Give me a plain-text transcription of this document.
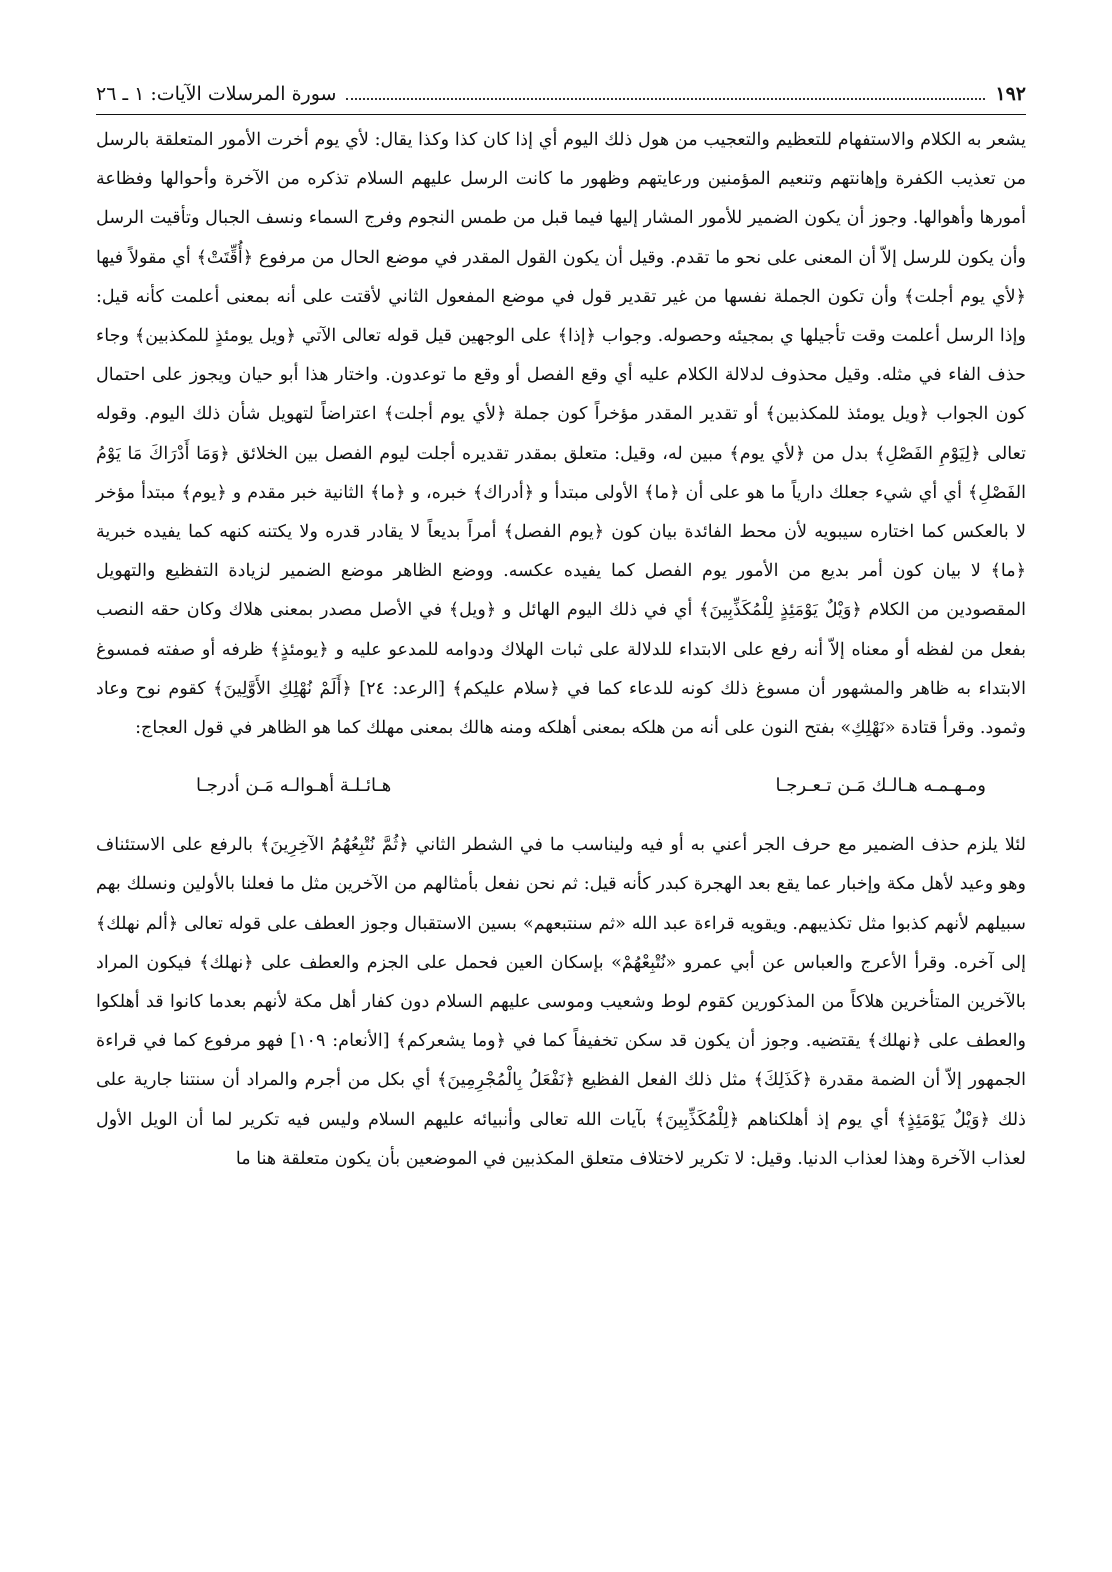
١٩٢
سورة المرسلات الآيات: ١ ـ ٢٦

يشعر به الكلام والاستفهام للتعظيم والتعجيب من هول ذلك اليوم أي إذا كان كذا وكذا يقال: لأي يوم أخرت الأمور المتعلقة بالرسل من تعذيب الكفرة وإهانتهم وتنعيم المؤمنين ورعايتهم وظهور ما كانت الرسل عليهم السلام تذكره من الآخرة وأحوالها وفظاعة أمورها وأهوالها. وجوز أن يكون الضمير للأمور المشار إليها فيما قبل من طمس النجوم وفرج السماء ونسف الجبال وتأقيت الرسل وأن يكون للرسل إلاّ أن المعنى على نحو ما تقدم. وقيل أن يكون القول المقدر في موضع الحال من مرفوع ﴿أُقِّتَتْ﴾ أي مقولاً فيها ﴿لأي يوم أجلت﴾ وأن تكون الجملة نفسها من غير تقدير قول في موضع المفعول الثاني لأقتت على أنه بمعنى أعلمت كأنه قيل: وإذا الرسل أعلمت وقت تأجيلها ي بمجيئه وحصوله. وجواب ﴿إذا﴾ على الوجهين قيل قوله تعالى الآتي ﴿ويل يومئذٍ للمكذبين﴾ وجاء حذف الفاء في مثله. وقيل محذوف لدلالة الكلام عليه أي وقع الفصل أو وقع ما توعدون. واختار هذا أبو حيان ويجوز على احتمال كون الجواب ﴿ويل يومئذ للمكذبين﴾ أو تقدير المقدر مؤخراً كون جملة ﴿لأي يوم أجلت﴾ اعتراضاً لتهويل شأن ذلك اليوم. وقوله تعالى ﴿لِيَوْمِ الفَصْلِ﴾ بدل من ﴿لأي يوم﴾ مبين له، وقيل: متعلق بمقدر تقديره أجلت ليوم الفصل بين الخلائق ﴿وَمَا أَدْرَاكَ مَا يَوْمُ الفَصْلِ﴾ أي أي شيء جعلك دارياً ما هو على أن ﴿ما﴾ الأولى مبتدأ و ﴿أدراك﴾ خبره، و ﴿ما﴾ الثانية خبر مقدم و ﴿يوم﴾ مبتدأ مؤخر لا بالعكس كما اختاره سيبويه لأن محط الفائدة بيان كون ﴿يوم الفصل﴾ أمراً بديعاً لا يقادر قدره ولا يكتنه كنهه كما يفيده خبرية ﴿ما﴾ لا بيان كون أمر بديع من الأمور يوم الفصل كما يفيده عكسه. ووضع الظاهر موضع الضمير لزيادة التفظيع والتهويل المقصودين من الكلام ﴿وَيْلٌ يَوْمَئِذٍ لِلْمُكَذِّبِينَ﴾ أي في ذلك اليوم الهائل و ﴿ويل﴾ في الأصل مصدر بمعنى هلاك وكان حقه النصب بفعل من لفظه أو معناه إلاّ أنه رفع على الابتداء للدلالة على ثبات الهلاك ودوامه للمدعو عليه و ﴿يومئذٍ﴾ ظرفه أو صفته فمسوغ الابتداء به ظاهر والمشهور أن مسوغ ذلك كونه للدعاء كما في ﴿سلام عليكم﴾ [الرعد: ٢٤] ﴿أَلَمْ نُهْلِكِ الأَوَّلِينَ﴾ كقوم نوح وعاد وثمود. وقرأ قتادة «نَهْلِكِ» بفتح النون على أنه من هلكه بمعنى أهلكه ومنه هالك بمعنى مهلك كما هو الظاهر في قول العجاج:

ومـهـمـه هـالـك مَـن تـعـرجـا
هـائـلـة أهـوالـه مَـن أدرجـا

لئلا يلزم حذف الضمير مع حرف الجر أعني به أو فيه وليناسب ما في الشطر الثاني ﴿ثُمَّ نُتْبِعُهُمُ الآخِرِينَ﴾ بالرفع على الاستئناف وهو وعيد لأهل مكة وإخبار عما يقع بعد الهجرة كبدر كأنه قيل: ثم نحن نفعل بأمثالهم من الآخرين مثل ما فعلنا بالأولين ونسلك بهم سبيلهم لأنهم كذبوا مثل تكذيبهم. ويقويه قراءة عبد الله «ثم سنتبعهم» بسين الاستقبال وجوز العطف على قوله تعالى ﴿ألم نهلك﴾ إلى آخره. وقرأ الأعرج والعباس عن أبي عمرو «نُتْبِعْهُمْ» بإسكان العين فحمل على الجزم والعطف على ﴿نهلك﴾ فيكون المراد بالآخرين المتأخرين هلاكاً من المذكورين كقوم لوط وشعيب وموسى عليهم السلام دون كفار أهل مكة لأنهم بعدما كانوا قد أهلكوا والعطف على ﴿نهلك﴾ يقتضيه. وجوز أن يكون قد سكن تخفيفاً كما في ﴿وما يشعركم﴾ [الأنعام: ١٠٩] فهو مرفوع كما في قراءة الجمهور إلاّ أن الضمة مقدرة ﴿كَذَلِكَ﴾ مثل ذلك الفعل الفظيع ﴿نَفْعَلُ بِالْمُجْرِمِينَ﴾ أي بكل من أجرم والمراد أن سنتنا جارية على ذلك ﴿وَيْلٌ يَوْمَئِذٍ﴾ أي يوم إذ أهلكناهم ﴿لِلْمُكَذِّبِينَ﴾ بآيات الله تعالى وأنبيائه عليهم السلام وليس فيه تكرير لما أن الويل الأول لعذاب الآخرة وهذا لعذاب الدنيا. وقيل: لا تكرير لاختلاف متعلق المكذبين في الموضعين بأن يكون متعلقة هنا ما
